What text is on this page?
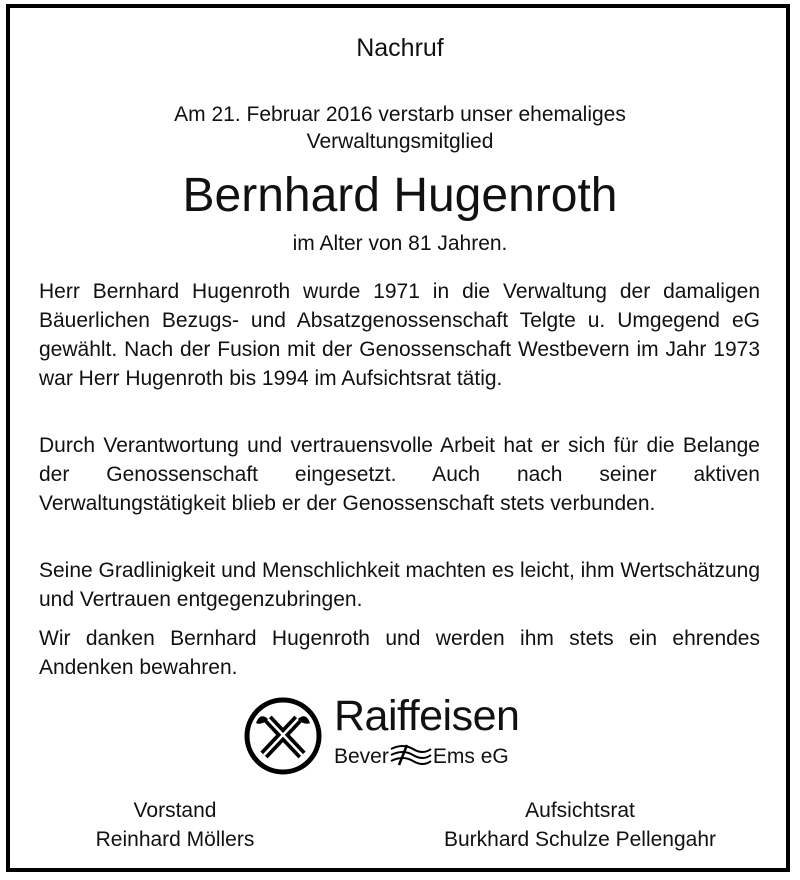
Nachruf
Am 21. Februar 2016 verstarb unser ehemaliges
Verwaltungsmitglied
Bernhard Hugenroth
im Alter von 81 Jahren.
Herr Bernhard Hugenroth wurde 1971 in die Verwaltung der damaligen Bäuerlichen Bezugs- und Absatzgenossenschaft Telgte u. Umgegend eG gewählt. Nach der Fusion mit der Genossenschaft Westbevern im Jahr 1973 war Herr Hugenroth bis 1994 im Aufsichtsrat tätig.
Durch Verantwortung und vertrauensvolle Arbeit hat er sich für die Belange der Genossenschaft eingesetzt. Auch nach seiner aktiven Verwaltungstätigkeit blieb er der Genossenschaft stets verbunden.
Seine Gradlinigkeit und Menschlichkeit machten es leicht, ihm Wertschätzung und Vertrauen entgegenzubringen.
Wir danken Bernhard Hugenroth und werden ihm stets ein ehrendes Andenken bewahren.
Raiffeisen
Bever Ems eG
Vorstand
Reinhard Möllers
Aufsichtsrat
Burkhard Schulze Pellengahr
